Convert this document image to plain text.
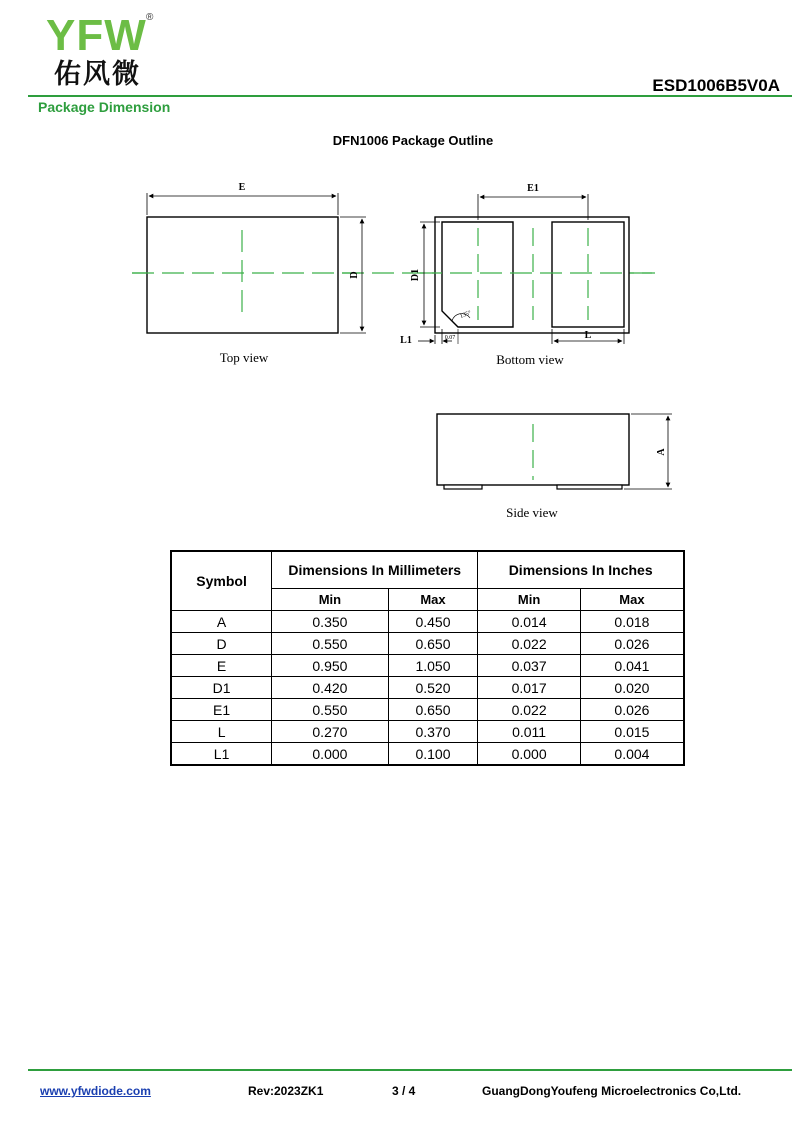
YFW ®
佑风微	ESD1006B5V0A
Package Dimension
DFN1006 Package Outline
E
D
Top view
E1
D1
L1	0.07
135°
L
Bottom view
A
Side view
Symbol	Dimensions In Millimeters		Dimensions In Inches	
	Min	Max	Min	Max
A	0.350	0.450	0.014	0.018
D	0.550	0.650	0.022	0.026
E	0.950	1.050	0.037	0.041
D1	0.420	0.520	0.017	0.020
E1	0.550	0.650	0.022	0.026
L	0.270	0.370	0.011	0.015
L1	0.000	0.100	0.000	0.004
www.yfwdiode.com	Rev:2023ZK1	3 / 4	GuangDongYoufeng Microelectronics Co,Ltd.
